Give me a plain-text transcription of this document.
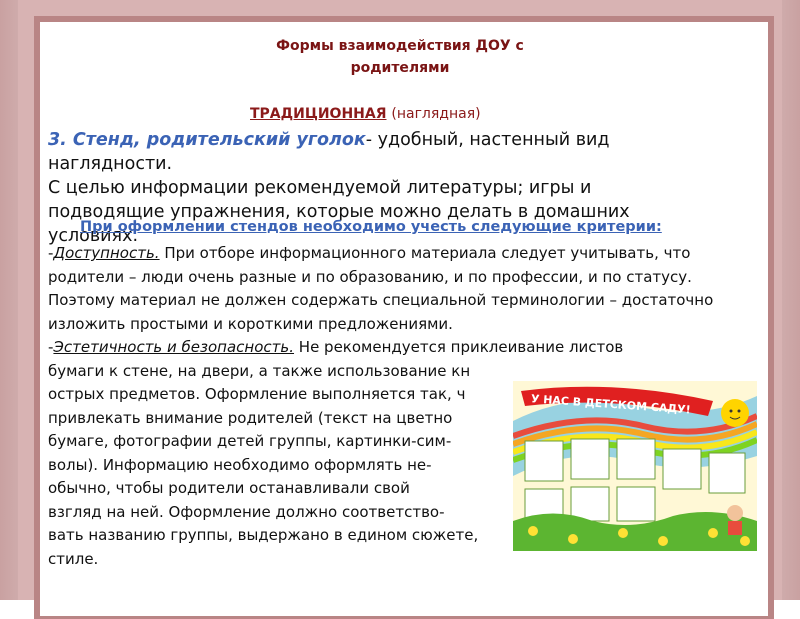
Формы взаимодействия ДОУ с
родителями
ТРАДИЦИОННАЯ (наглядная)
3. Стенд, родительский уголок- удобный, настенный вид наглядности.
С целью информации рекомендуемой литературы; игры и подводящие упражнения, которые можно делать в домашних условиях.
При оформлении стендов необходимо учесть следующие критерии:
-Доступность. При отборе информационного материала следует учитывать, что родители – люди очень разные и по образованию, и по профессии, и по статусу. Поэтому материал не должен содержать специальной терминологии – достаточно изложить простыми и короткими предложениями.
-Эстетичность и безопасность. Не рекомендуется приклеивание листов
бумаги к стене, на двери, а также использование кн
острых предметов. Оформление выполняется так, ч
привлекать внимание родителей (текст на цветно
бумаге, фотографии детей группы, картинки-сим-
волы). Информацию необходимо оформлять не-
обычно, чтобы родители останавливали свой
взгляд на ней. Оформление должно соответство-
вать названию группы, выдержано в едином сюжете,
стиле.
У НАС В ДЕТСКОМ САДУ!
